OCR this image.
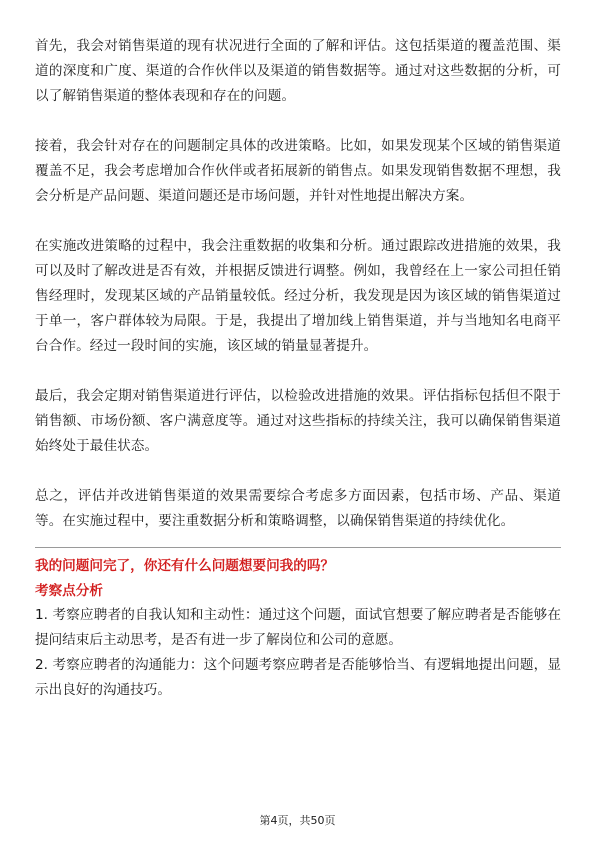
首先，我会对销售渠道的现有状况进行全面的了解和评估。这包括渠道的覆盖范围、渠道的深度和广度、渠道的合作伙伴以及渠道的销售数据等。通过对这些数据的分析，可以了解销售渠道的整体表现和存在的问题。

接着，我会针对存在的问题制定具体的改进策略。比如，如果发现某个区域的销售渠道覆盖不足，我会考虑增加合作伙伴或者拓展新的销售点。如果发现销售数据不理想，我会分析是产品问题、渠道问题还是市场问题，并针对性地提出解决方案。

在实施改进策略的过程中，我会注重数据的收集和分析。通过跟踪改进措施的效果，我可以及时了解改进是否有效，并根据反馈进行调整。例如，我曾经在上一家公司担任销售经理时，发现某区域的产品销量较低。经过分析，我发现是因为该区域的销售渠道过于单一，客户群体较为局限。于是，我提出了增加线上销售渠道，并与当地知名电商平台合作。经过一段时间的实施，该区域的销量显著提升。

最后，我会定期对销售渠道进行评估，以检验改进措施的效果。评估指标包括但不限于销售额、市场份额、客户满意度等。通过对这些指标的持续关注，我可以确保销售渠道始终处于最佳状态。

总之，评估并改进销售渠道的效果需要综合考虑多方面因素，包括市场、产品、渠道等。在实施过程中，要注重数据分析和策略调整，以确保销售渠道的持续优化。

我的问题问完了，你还有什么问题想要问我的吗？

考察点分析

1. 考察应聘者的自我认知和主动性：通过这个问题，面试官想要了解应聘者是否能够在提问结束后主动思考，是否有进一步了解岗位和公司的意愿。

2. 考察应聘者的沟通能力：这个问题考察应聘者是否能够恰当、有逻辑地提出问题，显示出良好的沟通技巧。

第4页，共50页
